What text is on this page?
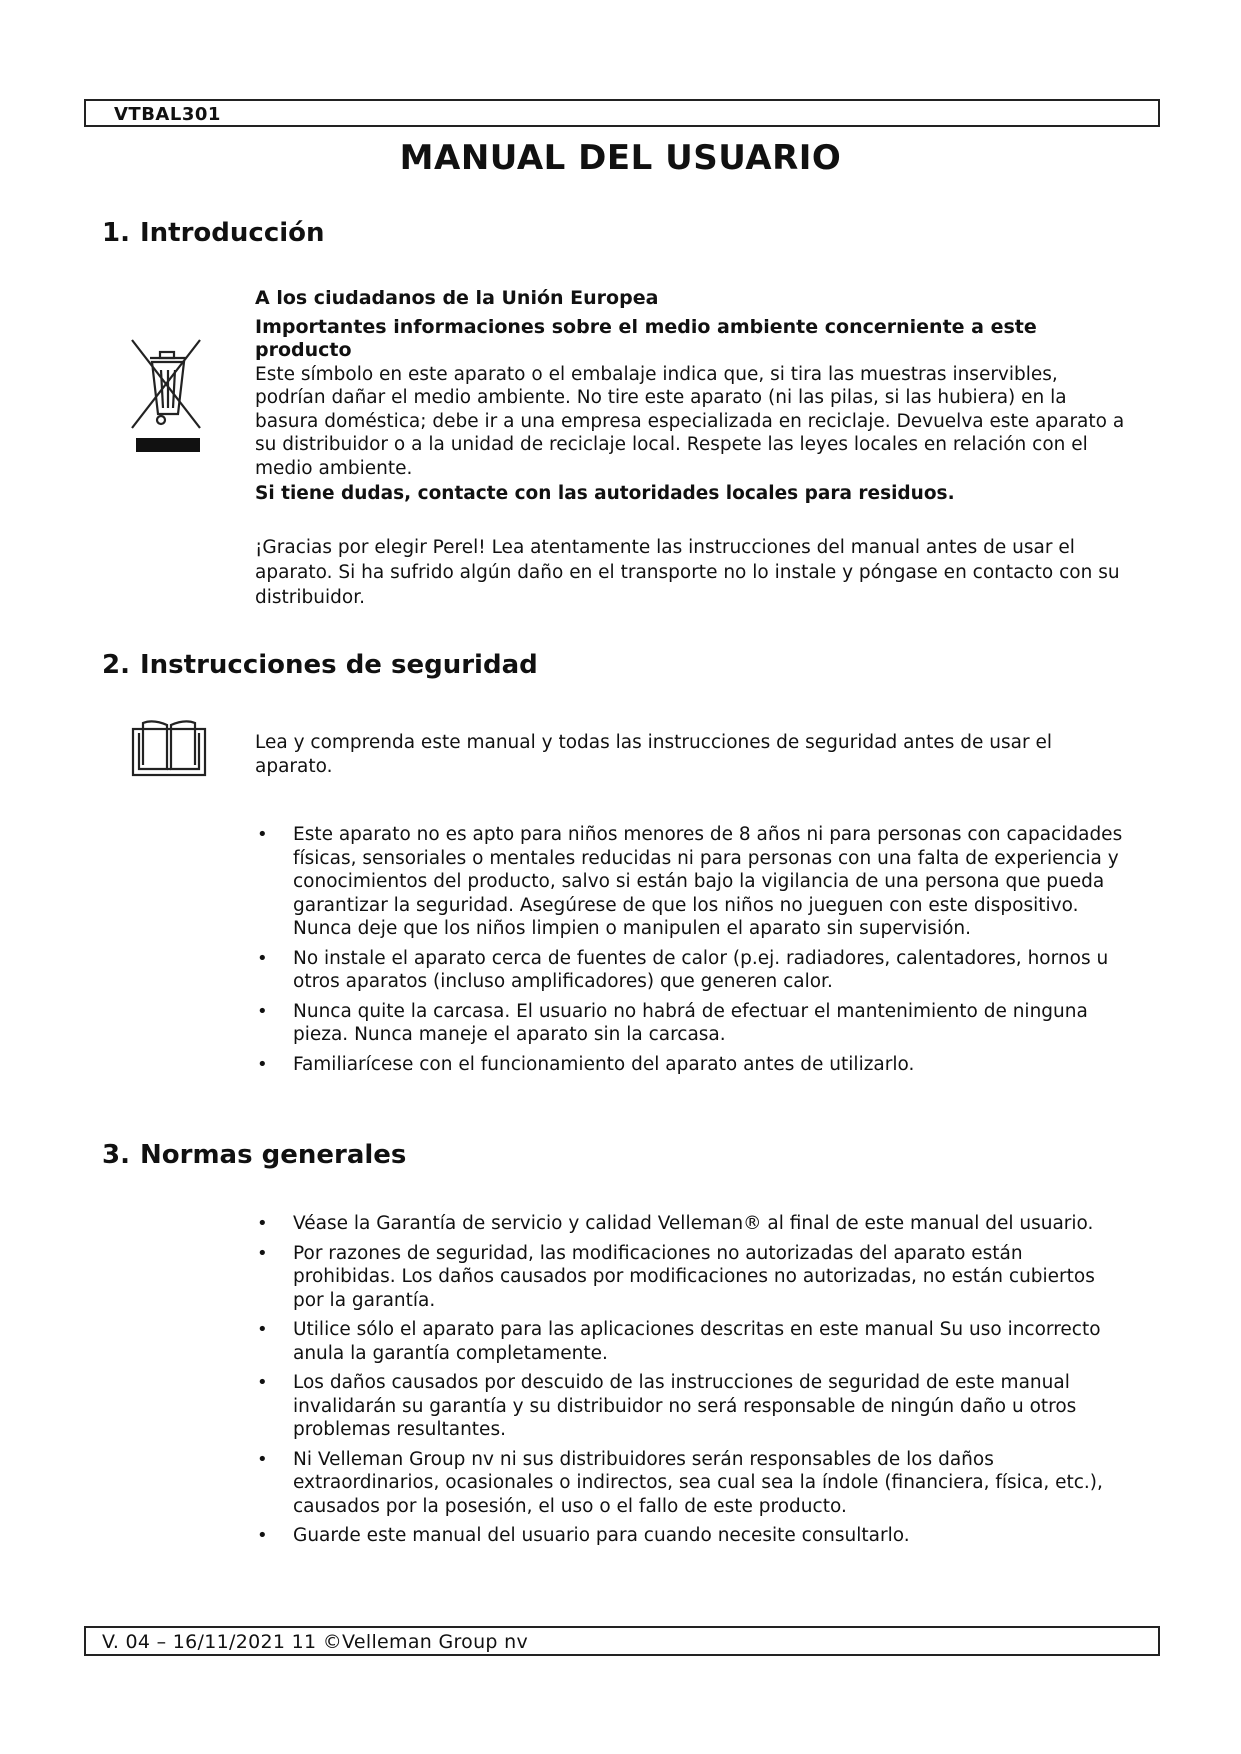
VTBAL301
MANUAL DEL USUARIO
1. Introducción

A los ciudadanos de la Unión Europea

Importantes informaciones sobre el medio ambiente concerniente a este producto

Este símbolo en este aparato o el embalaje indica que, si tira las muestras inservibles, podrían dañar el medio ambiente. No tire este aparato (ni las pilas, si las hubiera) en la basura doméstica; debe ir a una empresa especializada en reciclaje. Devuelva este aparato a su distribuidor o a la unidad de reciclaje local. Respete las leyes locales en relación con el medio ambiente.

Si tiene dudas, contacte con las autoridades locales para residuos.

¡Gracias por elegir Perel! Lea atentamente las instrucciones del manual antes de usar el aparato. Si ha sufrido algún daño en el transporte no lo instale y póngase en contacto con su distribuidor.
2. Instrucciones de seguridad
Lea y comprenda este manual y todas las instrucciones de seguridad antes de usar el aparato.
• Este aparato no es apto para niños menores de 8 años ni para personas con capacidades físicas, sensoriales o mentales reducidas ni para personas con una falta de experiencia y conocimientos del producto, salvo si están bajo la vigilancia de una persona que pueda garantizar la seguridad. Asegúrese de que los niños no jueguen con este dispositivo. Nunca deje que los niños limpien o manipulen el aparato sin supervisión.
• No instale el aparato cerca de fuentes de calor (p.ej. radiadores, calentadores, hornos u otros aparatos (incluso amplificadores) que generen calor.
• Nunca quite la carcasa. El usuario no habrá de efectuar el mantenimiento de ninguna pieza. Nunca maneje el aparato sin la carcasa.
• Familiarícese con el funcionamiento del aparato antes de utilizarlo.
3. Normas generales
• Véase la Garantía de servicio y calidad Velleman® al final de este manual del usuario.
• Por razones de seguridad, las modificaciones no autorizadas del aparato están prohibidas. Los daños causados por modificaciones no autorizadas, no están cubiertos por la garantía.
• Utilice sólo el aparato para las aplicaciones descritas en este manual Su uso incorrecto anula la garantía completamente.
• Los daños causados por descuido de las instrucciones de seguridad de este manual invalidarán su garantía y su distribuidor no será responsable de ningún daño u otros problemas resultantes.
• Ni Velleman Group nv ni sus distribuidores serán responsables de los daños extraordinarios, ocasionales o indirectos, sea cual sea la índole (financiera, física, etc.), causados por la posesión, el uso o el fallo de este producto.
• Guarde este manual del usuario para cuando necesite consultarlo.
V. 04 – 16/11/2021 11 ©Velleman Group nv
